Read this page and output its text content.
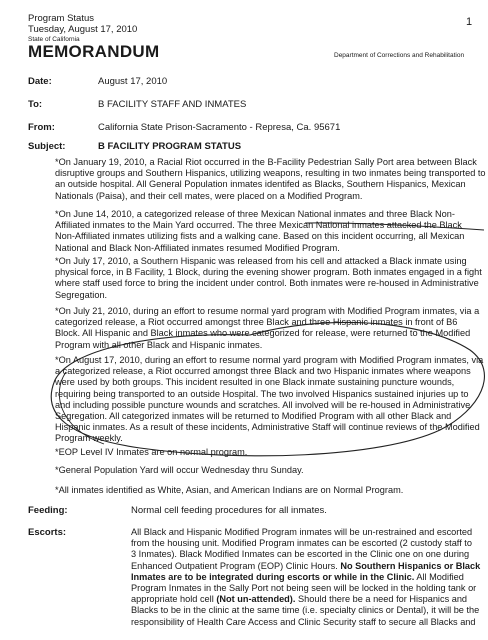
Program Status
Tuesday, August 17, 2010
State of California
MEMORANDUM	Department of Corrections and Rehabilitation
1
Date:	August 17, 2010
To:	B FACILITY STAFF AND INMATES
From:	California State Prison-Sacramento - Represa, Ca. 95671
Subject:	B FACILITY PROGRAM STATUS
*On January 19, 2010, a Racial Riot occurred in the B-Facility Pedestrian Sally Port area between Black
disruptive groups and Southern Hispanics, utilizing weapons, resulting in two inmates being transported to
an outside hospital. All General Population inmates identifed as Blacks, Southern Hispanics, Mexican
Nationals (Paisa), and their cell mates, were placed on a Modified Program.
*On June 14, 2010, a categorized release of three Mexican National inmates and three Black Non-
Affiliated inmates to the Main Yard occurred. The three Mexican National inmates attacked the Black
Non-Affiliated inmates utilizing fists and a walking cane. Based on this incident occurring, all Mexican
National and Black Non-Affiliated inmates resumed Modified Program.
*On July 17, 2010, a Southern Hispanic was released from his cell and attacked a Black inmate using
physical force, in B Facility, 1 Block, during the evening shower program. Both inmates engaged in a fight
where staff used force to bring the incident under control. Both inmates were re-housed in Administrative
Segregation.
*On July 21, 2010, during an effort to resume normal yard program with Modified Program inmates, via a
categorized release, a Riot occurred amongst three Black and three Hispanic inmates in front of B6
Block. All Hispanic and Black inmates who were categorized for release, were returned to the Modified
Program with all other Black and Hispanic inmates.
*On August 17, 2010, during an effort to resume normal yard program with Modified Program inmates, via
a categorized release, a Riot occurred amongst three Black and two Hispanic inmates where weapons
were used by both groups. This incident resulted in one Black inmate sustaining puncture wounds,
requiring being transported to an outside Hospital. The two involved Hispanics sustained injuries up to
and including possible puncture wounds and scratches. All involved will be re-housed in Administrative
Segregation. All categorized inmates will be returned to Modified Program with all other Black and
Hispanic inmates. As a result of these incidents, Administrative Staff will continue reviews of the Modified
Program weekly.
*EOP Level IV Inmates are on normal program.
*General Population Yard will occur Wednesday thru Sunday.
*All inmates identified as White, Asian, and American Indians are on Normal Program.
Feeding:	Normal cell feeding procedures for all inmates.
Escorts:	All Black and Hispanic Modified Program inmates will be un-restrained and escorted
from the housing unit. Modified Program inmates can be escorted (2 custody staff to
3 Inmates). Black Modified Inmates can be escorted in the Clinic one on one during
Enhanced Outpatient Program (EOP) Clinic Hours. No Southern Hispanics or Black
Inmates are to be integrated during escorts or while in the Clinic. All Modified
Program Inmates in the Sally Port not being seen will be locked in the holding tank or
appropriate hold cell (Not un-attended). Should there be a need for Hispanics and
Blacks to be in the clinic at the same time (i.e. specialty clinics or Dental), it will be the
responsibility of Health Care Access and Clinic Security staff to secure all Blacks and
